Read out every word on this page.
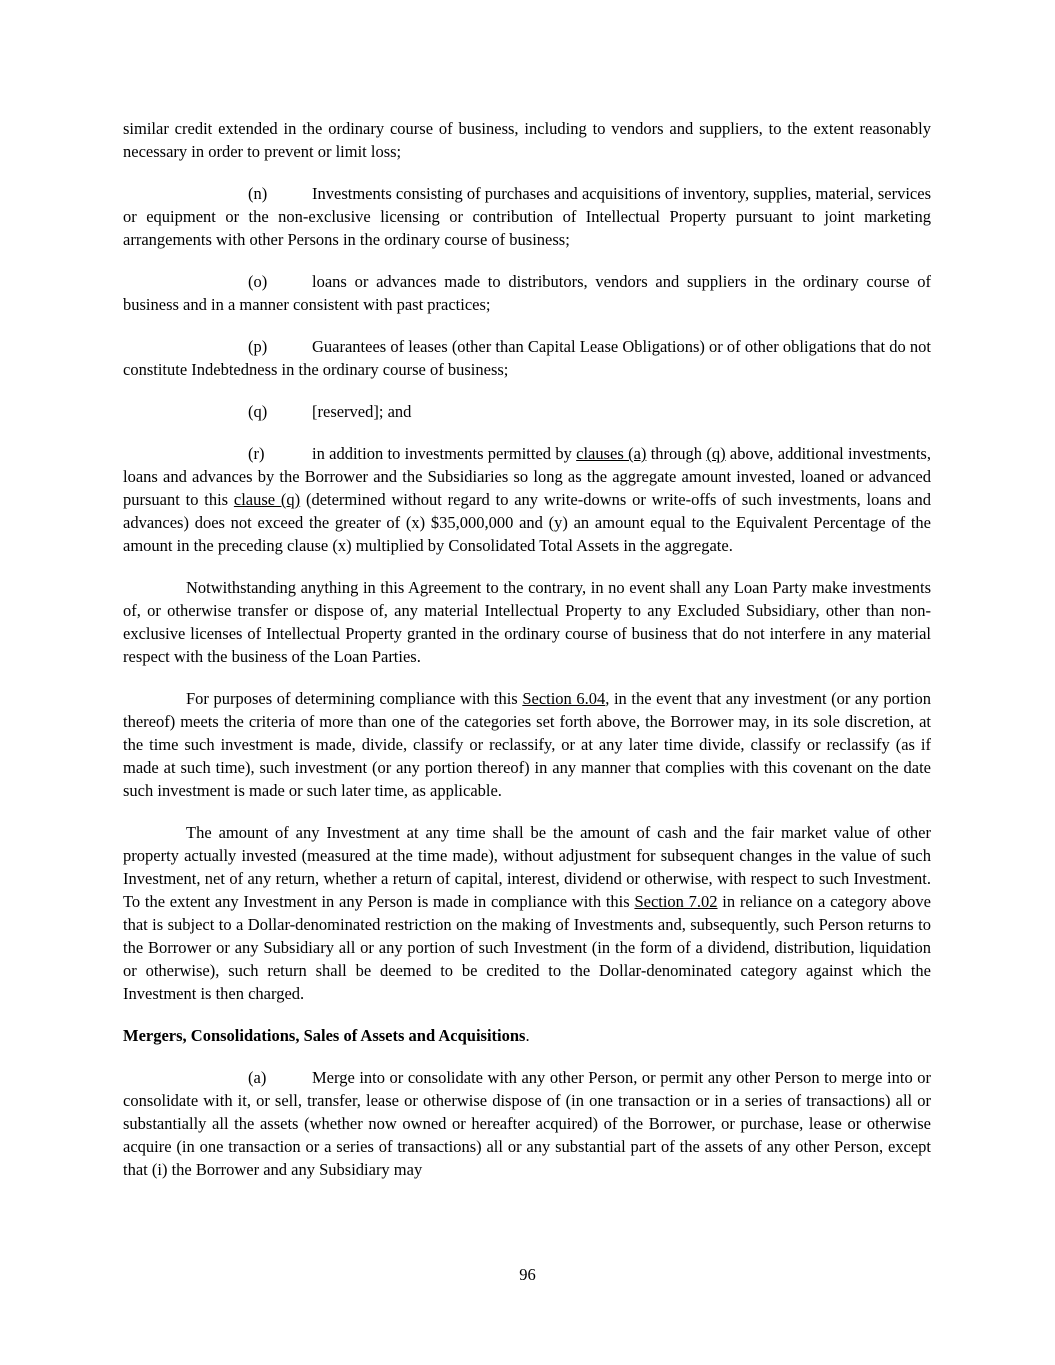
similar credit extended in the ordinary course of business, including to vendors and suppliers, to the extent reasonably necessary in order to prevent or limit loss;

(n)	Investments consisting of purchases and acquisitions of inventory, supplies, material, services or equipment or the non-exclusive licensing or contribution of Intellectual Property pursuant to joint marketing arrangements with other Persons in the ordinary course of business;

(o)	loans or advances made to distributors, vendors and suppliers in the ordinary course of business and in a manner consistent with past practices;

(p)	Guarantees of leases (other than Capital Lease Obligations) or of other obligations that do not constitute Indebtedness in the ordinary course of business;

(q)	[reserved]; and

(r)	in addition to investments permitted by clauses (a) through (q) above, additional investments, loans and advances by the Borrower and the Subsidiaries so long as the aggregate amount invested, loaned or advanced pursuant to this clause (q) (determined without regard to any write-downs or write-offs of such investments, loans and advances) does not exceed the greater of (x) $35,000,000 and (y) an amount equal to the Equivalent Percentage of the amount in the preceding clause (x) multiplied by Consolidated Total Assets in the aggregate.

Notwithstanding anything in this Agreement to the contrary, in no event shall any Loan Party make investments of, or otherwise transfer or dispose of, any material Intellectual Property to any Excluded Subsidiary, other than non-exclusive licenses of Intellectual Property granted in the ordinary course of business that do not interfere in any material respect with the business of the Loan Parties.

For purposes of determining compliance with this Section 6.04, in the event that any investment (or any portion thereof) meets the criteria of more than one of the categories set forth above, the Borrower may, in its sole discretion, at the time such investment is made, divide, classify or reclassify, or at any later time divide, classify or reclassify (as if made at such time), such investment (or any portion thereof) in any manner that complies with this covenant on the date such investment is made or such later time, as applicable.

The amount of any Investment at any time shall be the amount of cash and the fair market value of other property actually invested (measured at the time made), without adjustment for subsequent changes in the value of such Investment, net of any return, whether a return of capital, interest, dividend or otherwise, with respect to such Investment. To the extent any Investment in any Person is made in compliance with this Section 7.02 in reliance on a category above that is subject to a Dollar-denominated restriction on the making of Investments and, subsequently, such Person returns to the Borrower or any Subsidiary all or any portion of such Investment (in the form of a dividend, distribution, liquidation or otherwise), such return shall be deemed to be credited to the Dollar-denominated category against which the Investment is then charged.

Mergers, Consolidations, Sales of Assets and Acquisitions.

(a)	Merge into or consolidate with any other Person, or permit any other Person to merge into or consolidate with it, or sell, transfer, lease or otherwise dispose of (in one transaction or in a series of transactions) all or substantially all the assets (whether now owned or hereafter acquired) of the Borrower, or purchase, lease or otherwise acquire (in one transaction or a series of transactions) all or any substantial part of the assets of any other Person, except that (i) the Borrower and any Subsidiary may

96
